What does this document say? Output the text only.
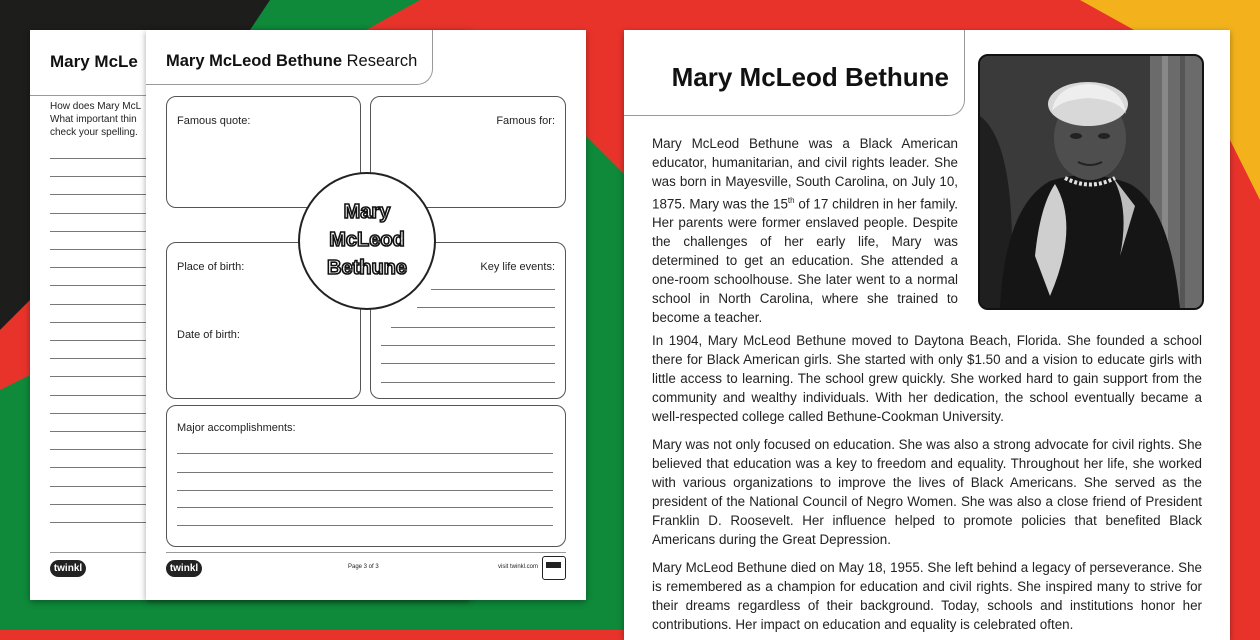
Mary McLe
How does Mary McL
What important thin
check your spelling.
twinkl
Mary McLeod Bethune Research
Famous quote:	Famous for:
Place of birth:
Date of birth:
Key life events:
Major accomplishments:
Mary
McLeod
Bethune
twinkl	Page 3 of 3	visit twinkl.com
Mary McLeod Bethune

Mary McLeod Bethune was a Black American educator, humanitarian, and civil rights leader. She was born in Mayesville, South Carolina, on July 10, 1875. Mary was the 15th of 17 children in her family. Her parents were former enslaved people. Despite the challenges of her early life, Mary was determined to get an education. She attended a one-room schoolhouse. She later went to a normal school in North Carolina, where she trained to become a teacher.

In 1904, Mary McLeod Bethune moved to Daytona Beach, Florida. She founded a school there for Black American girls. She started with only $1.50 and a vision to educate girls with little access to learning. The school grew quickly. She worked hard to gain support from the community and wealthy individuals. With her dedication, the school eventually became a well-respected college called Bethune-Cookman University.

Mary was not only focused on education. She was also a strong advocate for civil rights. She believed that education was a key to freedom and equality. Throughout her life, she worked with various organizations to improve the lives of Black Americans. She served as the president of the National Council of Negro Women. She was also a close friend of President Franklin D. Roosevelt. Her influence helped to promote policies that benefited Black Americans during the Great Depression.

Mary McLeod Bethune died on May 18, 1955. She left behind a legacy of perseverance. She is remembered as a champion for education and civil rights. She inspired many to strive for their dreams regardless of their background. Today, schools and institutions honor her contributions. Her impact on education and equality is celebrated often.
